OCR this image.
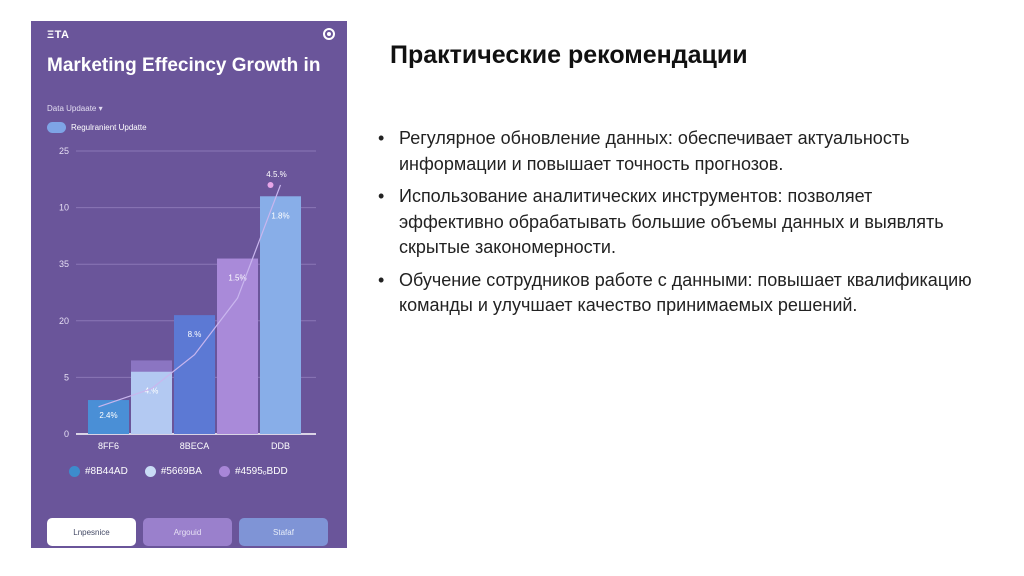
ΞTA
Marketing Effecincy Growth in
Data Updaate ▾
Regulranient Updatte
25
10
35
20
5
0
2.4%
8FF6
4.%
8.%
8BECA
1.5%
1.8%
DDB
4.5.%
#8B44AD	#5669BA	#4595ₒBDD
Lnpesnice	Argouid	Stafaf
Практические рекомендации
• Регулярное обновление данных: обеспечивает актуальность информации и повышает точность прогнозов.
• Использование аналитических инструментов: позволяет эффективно обрабатывать большие объемы данных и выявлять скрытые закономерности.
• Обучение сотрудников работе с данными: повышает квалификацию команды и улучшает качество принимаемых решений.
